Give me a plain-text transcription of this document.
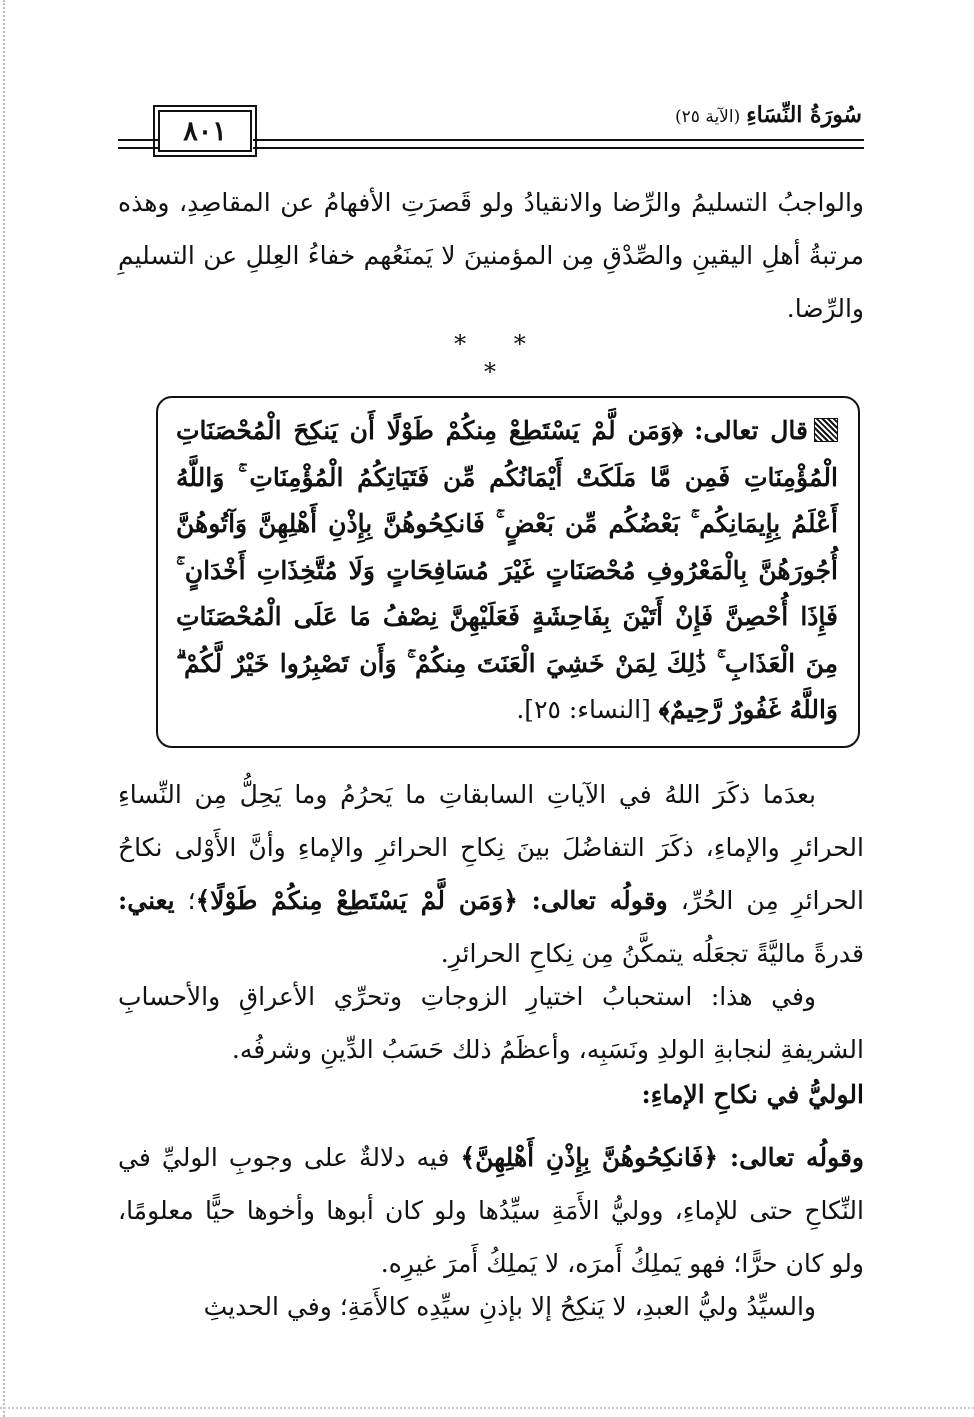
٨٠١
سُورَةُ النِّسَاءِ(الآية ٢٥)
والواجبُ التسليمُ والرِّضا والانقيادُ ولو قَصرَتِ الأفهامُ عن المقاصِدِ، وهذه مرتبةُ أهلِ اليقينِ والصِّدْقِ مِن المؤمنينَ لا يَمنَعُهم خفاءُ العِللِ عن التسليمِ والرِّضا.
* * *
قال تعالى: ﴿وَمَن لَّمْ يَسْتَطِعْ مِنكُمْ طَوْلًا أَن يَنكِحَ الْمُحْصَنَاتِ الْمُؤْمِنَاتِ فَمِن مَّا مَلَكَتْ أَيْمَانُكُم مِّن فَتَيَاتِكُمُ الْمُؤْمِنَاتِ ۚ وَاللَّهُ أَعْلَمُ بِإِيمَانِكُم ۚ بَعْضُكُم مِّن بَعْضٍ ۚ فَانكِحُوهُنَّ بِإِذْنِ أَهْلِهِنَّ وَآتُوهُنَّ أُجُورَهُنَّ بِالْمَعْرُوفِ مُحْصَنَاتٍ غَيْرَ مُسَافِحَاتٍ وَلَا مُتَّخِذَاتِ أَخْدَانٍ ۚ فَإِذَا أُحْصِنَّ فَإِنْ أَتَيْنَ بِفَاحِشَةٍ فَعَلَيْهِنَّ نِصْفُ مَا عَلَى الْمُحْصَنَاتِ مِنَ الْعَذَابِ ۚ ذَٰلِكَ لِمَنْ خَشِيَ الْعَنَتَ مِنكُمْ ۚ وَأَن تَصْبِرُوا خَيْرٌ لَّكُمْ ۗ وَاللَّهُ غَفُورٌ رَّحِيمٌ﴾ [النساء: ٢٥].
بعدَما ذكَرَ اللهُ في الآياتِ السابقاتِ ما يَحرُمُ وما يَحِلُّ مِن النِّساءِ الحرائرِ والإماءِ، ذكَرَ التفاضُلَ بينَ نِكاحِ الحرائرِ والإماءِ وأنَّ الأَوْلى نكاحُ الحرائرِ مِن الحُرِّ، وقولُه تعالى: ﴿وَمَن لَّمْ يَسْتَطِعْ مِنكُمْ طَوْلًا﴾؛ يعني: قدرةً ماليَّةً تجعَلُه يتمكَّنُ مِن نِكاحِ الحرائرِ.
وفي هذا: استحبابُ اختيارِ الزوجاتِ وتحرِّي الأعراقِ والأحسابِ الشريفةِ لنجابةِ الولدِ ونَسَبِه، وأعظَمُ ذلك حَسَبُ الدِّينِ وشرفُه.
الوليُّ في نكاحِ الإماءِ:
وقولُه تعالى: ﴿فَانكِحُوهُنَّ بِإِذْنِ أَهْلِهِنَّ﴾ فيه دلالةٌ على وجوبِ الوليِّ في النِّكاحِ حتى للإماءِ، ووليُّ الأَمَةِ سيِّدُها ولو كان أبوها وأخوها حيًّا معلومًا، ولو كان حرًّا؛ فهو يَملِكُ أَمرَه، لا يَملِكُ أَمرَ غيرِه.
والسيِّدُ وليُّ العبدِ، لا يَنكِحُ إلا بإذنِ سيِّدِه كالأَمَةِ؛ وفي الحديثِ
